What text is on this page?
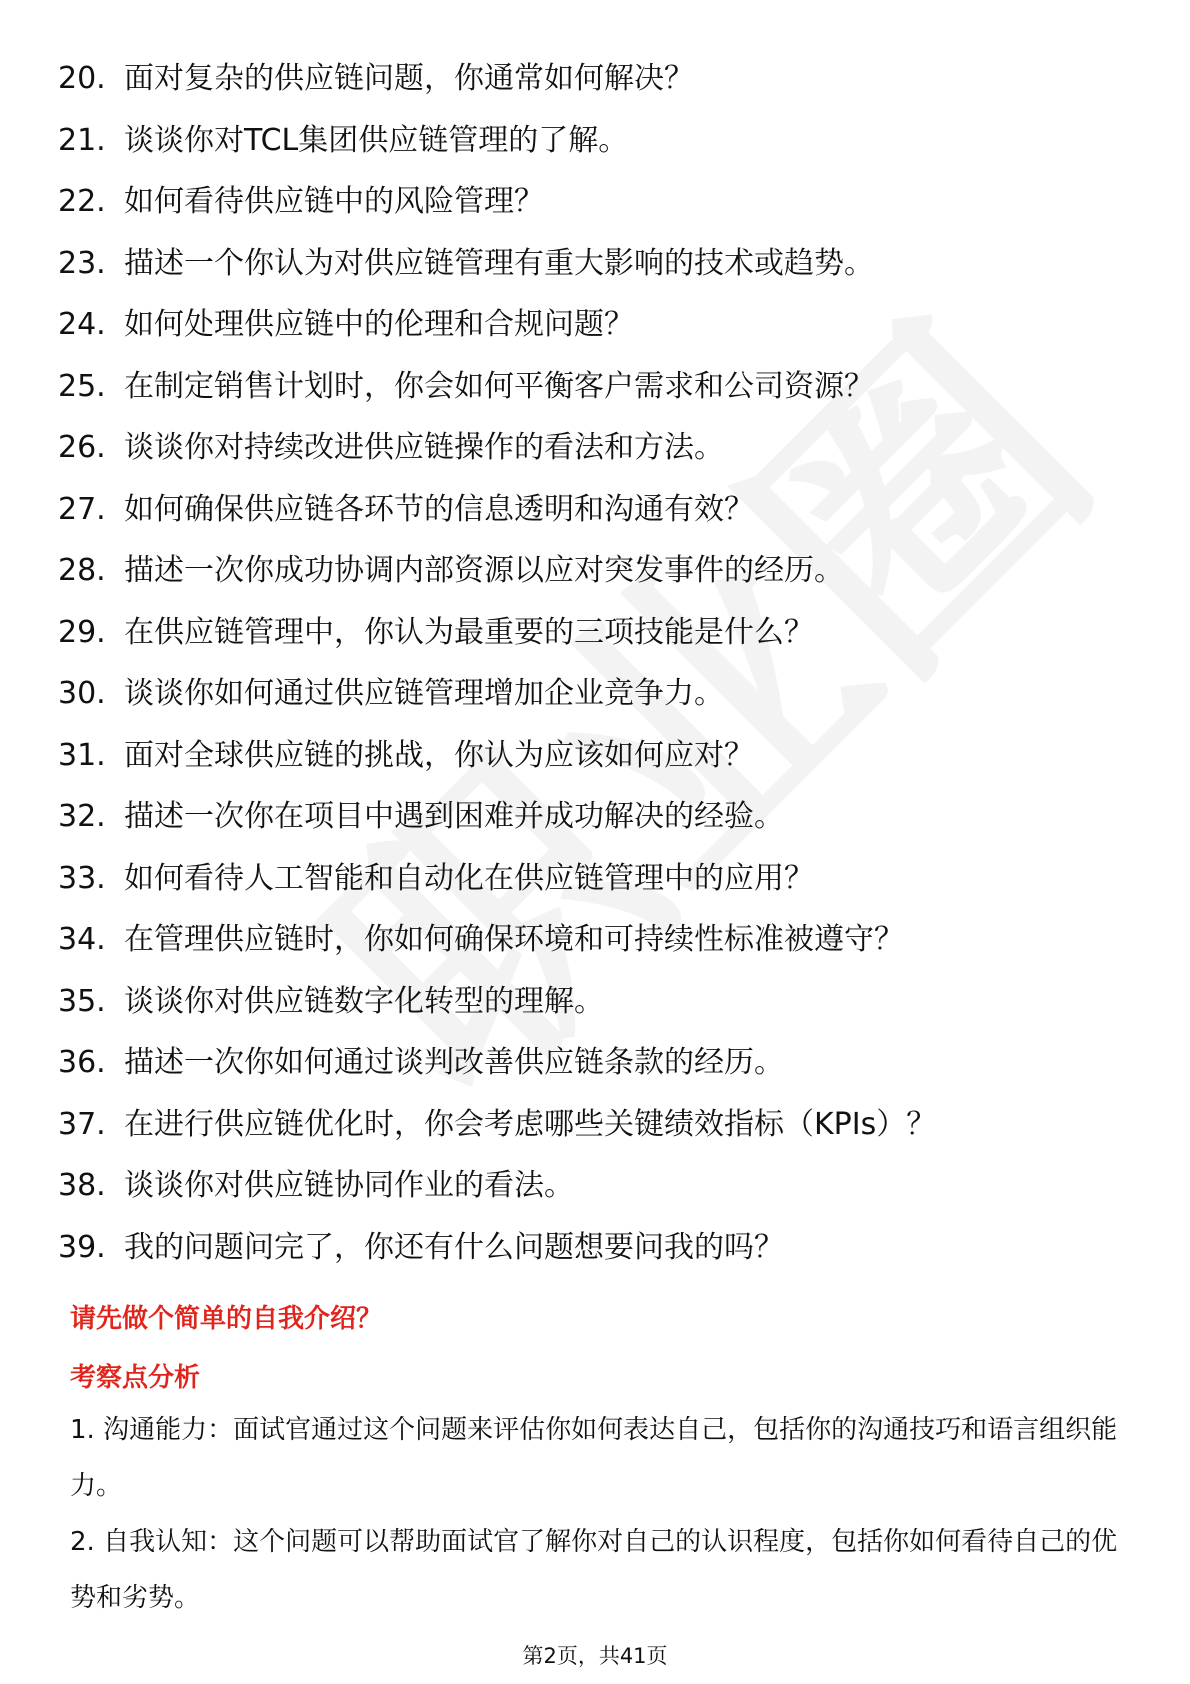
20. 面对复杂的供应链问题，你通常如何解决？
21. 谈谈你对TCL集团供应链管理的了解。
22. 如何看待供应链中的风险管理？
23. 描述一个你认为对供应链管理有重大影响的技术或趋势。
24. 如何处理供应链中的伦理和合规问题？
25. 在制定销售计划时，你会如何平衡客户需求和公司资源？
26. 谈谈你对持续改进供应链操作的看法和方法。
27. 如何确保供应链各环节的信息透明和沟通有效？
28. 描述一次你成功协调内部资源以应对突发事件的经历。
29. 在供应链管理中，你认为最重要的三项技能是什么？
30. 谈谈你如何通过供应链管理增加企业竞争力。
31. 面对全球供应链的挑战，你认为应该如何应对？
32. 描述一次你在项目中遇到困难并成功解决的经验。
33. 如何看待人工智能和自动化在供应链管理中的应用？
34. 在管理供应链时，你如何确保环境和可持续性标准被遵守？
35. 谈谈你对供应链数字化转型的理解。
36. 描述一次你如何通过谈判改善供应链条款的经历。
37. 在进行供应链优化时，你会考虑哪些关键绩效指标（KPIs）？
38. 谈谈你对供应链协同作业的看法。
39. 我的问题问完了，你还有什么问题想要问我的吗？
请先做个简单的自我介绍？
考察点分析
1. 沟通能力：面试官通过这个问题来评估你如何表达自己，包括你的沟通技巧和语言组织能力。
2. 自我认知：这个问题可以帮助面试官了解你对自己的认识程度，包括你如何看待自己的优势和劣势。
第2页，共41页
